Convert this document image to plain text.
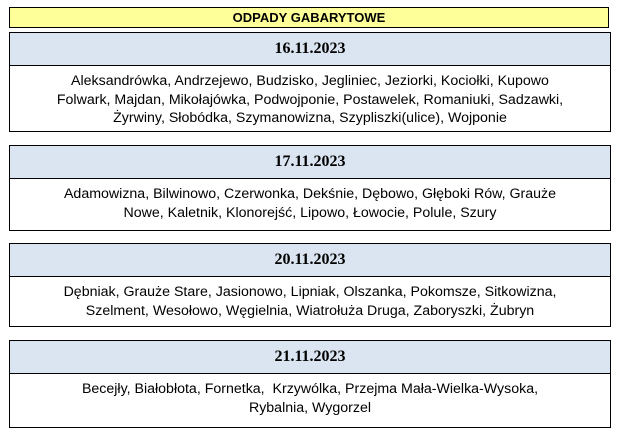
ODPADY GABARYTOWE
16.11.2023
Aleksandrówka, Andrzejewo, Budzisko, Jegliniec, Jeziorki, Kociołki, Kupowo
Folwark, Majdan, Mikołajówka, Podwojponie, Postawelek, Romaniuki, Sadzawki,
Żyrwiny, Słobódka, Szymanowizna, Szypliszki(ulice), Wojponie
17.11.2023
Adamowizna, Bilwinowo, Czerwonka, Dekśnie, Dębowo, Głęboki Rów, Grauże
Nowe, Kaletnik, Klonorejść, Lipowo, Łowocie, Polule, Szury
20.11.2023
Dębniak, Grauże Stare, Jasionowo, Lipniak, Olszanka, Pokomsze, Sitkowizna,
Szelment, Wesołowo, Węgielnia, Wiatrołuża Druga, Zaboryszki, Żubryn
21.11.2023
Becejły, Białobłota, Fornetka,  Krzywólka, Przejma Mała-Wielka-Wysoka,
Rybalnia, Wygorzel
